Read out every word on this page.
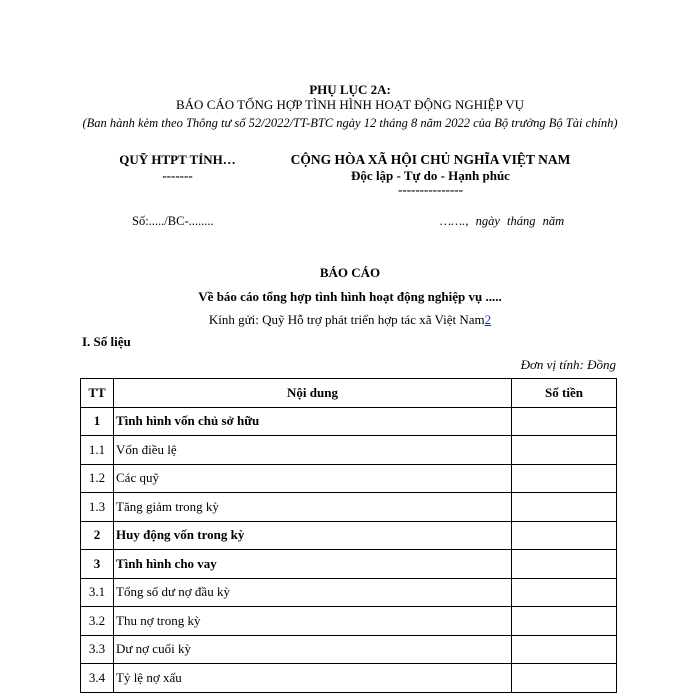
PHỤ LỤC 2A:
BÁO CÁO TỔNG HỢP TÌNH HÌNH HOẠT ĐỘNG NGHIỆP VỤ
(Ban hành kèm theo Thông tư số 52/2022/TT-BTC ngày 12 tháng 8 năm 2022 của Bộ trưởng Bộ Tài chính)
QUỸ HTPT TỈNH…
-------
CỘNG HÒA XÃ HỘI CHỦ NGHĨA VIỆT NAM
Độc lập - Tự do - Hạnh phúc
---------------
Số:...../BC-........	……., ngày tháng năm
BÁO CÁO
Về báo cáo tổng hợp tình hình hoạt động nghiệp vụ .....
Kính gửi: Quỹ Hỗ trợ phát triển hợp tác xã Việt Nam2
I. Số liệu
Đơn vị tính: Đồng
TT	Nội dung	Số tiền
1	Tình hình vốn chủ sở hữu	
1.1	Vốn điều lệ	
1.2	Các quỹ	
1.3	Tăng giảm trong kỳ	
2	Huy động vốn trong kỳ	
3	Tình hình cho vay	
3.1	Tổng số dư nợ đầu kỳ	
3.2	Thu nợ trong kỳ	
3.3	Dư nợ cuối kỳ	
3.4	Tỷ lệ nợ xấu	
